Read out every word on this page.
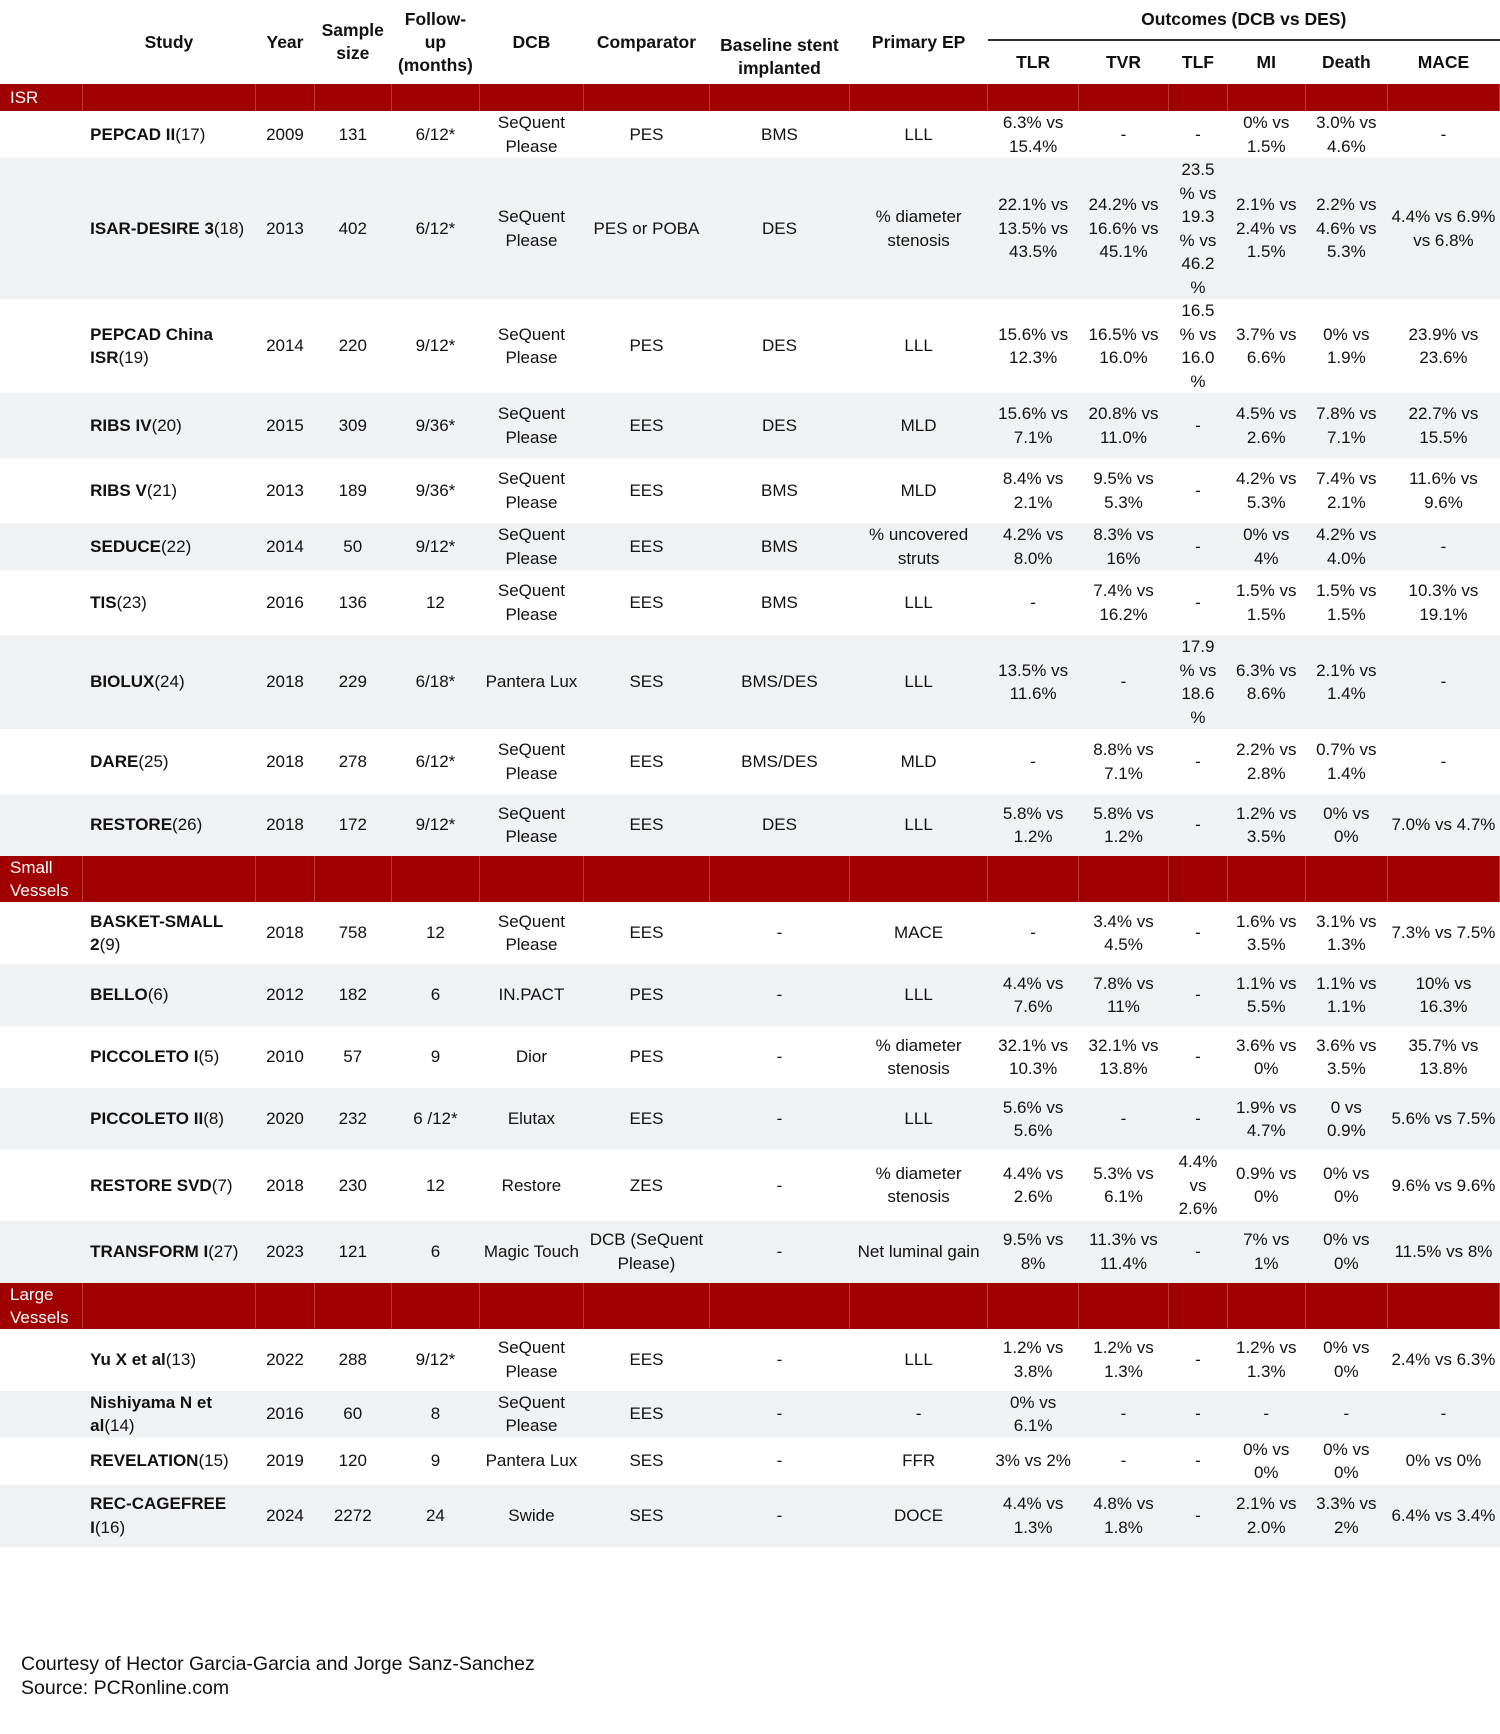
	Study	Year	Sample size	Follow-up (months)	DCB	Comparator	Baseline stent implanted	Primary EP	Outcomes (DCB vs DES)					
									TLR	TVR	TLF	MI	Death	MACE
ISR														
	PEPCAD II(17)	2009	131	6/12*	SeQuent Please	PES	BMS	LLL	6.3% vs 15.4%	-	-	0% vs 1.5%	3.0% vs 4.6%	-
	ISAR-DESIRE 3(18)	2013	402	6/12*	SeQuent Please	PES or POBA	DES	% diameter stenosis	22.1% vs 13.5% vs 43.5%	24.2% vs 16.6% vs 45.1%	23.5 % vs 19.3 % vs 46.2 %	2.1% vs 2.4% vs 1.5%	2.2% vs 4.6% vs 5.3%	4.4% vs 6.9% vs 6.8%
	PEPCAD China ISR(19)	2014	220	9/12*	SeQuent Please	PES	DES	LLL	15.6% vs 12.3%	16.5% vs 16.0%	16.5 % vs 16.0 %	3.7% vs 6.6%	0% vs 1.9%	23.9% vs 23.6%
	RIBS IV(20)	2015	309	9/36*	SeQuent Please	EES	DES	MLD	15.6% vs 7.1%	20.8% vs 11.0%	-	4.5% vs 2.6%	7.8% vs 7.1%	22.7% vs 15.5%
	RIBS V(21)	2013	189	9/36*	SeQuent Please	EES	BMS	MLD	8.4% vs 2.1%	9.5% vs 5.3%	-	4.2% vs 5.3%	7.4% vs 2.1%	11.6% vs 9.6%
	SEDUCE(22)	2014	50	9/12*	SeQuent Please	EES	BMS	% uncovered struts	4.2% vs 8.0%	8.3% vs 16%	-	0% vs 4%	4.2% vs 4.0%	-
	TIS(23)	2016	136	12	SeQuent Please	EES	BMS	LLL	-	7.4% vs 16.2%	-	1.5% vs 1.5%	1.5% vs 1.5%	10.3% vs 19.1%
	BIOLUX(24)	2018	229	6/18*	Pantera Lux	SES	BMS/DES	LLL	13.5% vs 11.6%	-	17.9 % vs 18.6 %	6.3% vs 8.6%	2.1% vs 1.4%	-
	DARE(25)	2018	278	6/12*	SeQuent Please	EES	BMS/DES	MLD	-	8.8% vs 7.1%	-	2.2% vs 2.8%	0.7% vs 1.4%	-
	RESTORE(26)	2018	172	9/12*	SeQuent Please	EES	DES	LLL	5.8% vs 1.2%	5.8% vs 1.2%	-	1.2% vs 3.5%	0% vs 0%	7.0% vs 4.7%
Small Vessels														
	BASKET-SMALL 2(9)	2018	758	12	SeQuent Please	EES	-	MACE	-	3.4% vs 4.5%	-	1.6% vs 3.5%	3.1% vs 1.3%	7.3% vs 7.5%
	BELLO(6)	2012	182	6	IN.PACT	PES	-	LLL	4.4% vs 7.6%	7.8% vs 11%	-	1.1% vs 5.5%	1.1% vs 1.1%	10% vs 16.3%
	PICCOLETO I(5)	2010	57	9	Dior	PES	-	% diameter stenosis	32.1% vs 10.3%	32.1% vs 13.8%	-	3.6% vs 0%	3.6% vs 3.5%	35.7% vs 13.8%
	PICCOLETO II(8)	2020	232	6 /12*	Elutax	EES	-	LLL	5.6% vs 5.6%	-	-	1.9% vs 4.7%	0 vs 0.9%	5.6% vs 7.5%
	RESTORE SVD(7)	2018	230	12	Restore	ZES	-	% diameter stenosis	4.4% vs 2.6%	5.3% vs 6.1%	4.4% vs 2.6%	0.9% vs 0%	0% vs 0%	9.6% vs 9.6%
	TRANSFORM I(27)	2023	121	6	Magic Touch	DCB (SeQuent Please)	-	Net luminal gain	9.5% vs 8%	11.3% vs 11.4%	-	7% vs 1%	0% vs 0%	11.5% vs 8%
Large Vessels														
	Yu X et al(13)	2022	288	9/12*	SeQuent Please	EES	-	LLL	1.2% vs 3.8%	1.2% vs 1.3%	-	1.2% vs 1.3%	0% vs 0%	2.4% vs 6.3%
	Nishiyama N et al(14)	2016	60	8	SeQuent Please	EES	-	-	0% vs 6.1%	-	-	-	-	-
	REVELATION(15)	2019	120	9	Pantera Lux	SES	-	FFR	3% vs 2%	-	-	0% vs 0%	0% vs 0%	0% vs 0%
	REC-CAGEFREE I(16)	2024	2272	24	Swide	SES	-	DOCE	4.4% vs 1.3%	4.8% vs 1.8%	-	2.1% vs 2.0%	3.3% vs 2%	6.4% vs 3.4%
Courtesy of Hector Garcia-Garcia and Jorge Sanz-Sanchez
Source: PCRonline.com
